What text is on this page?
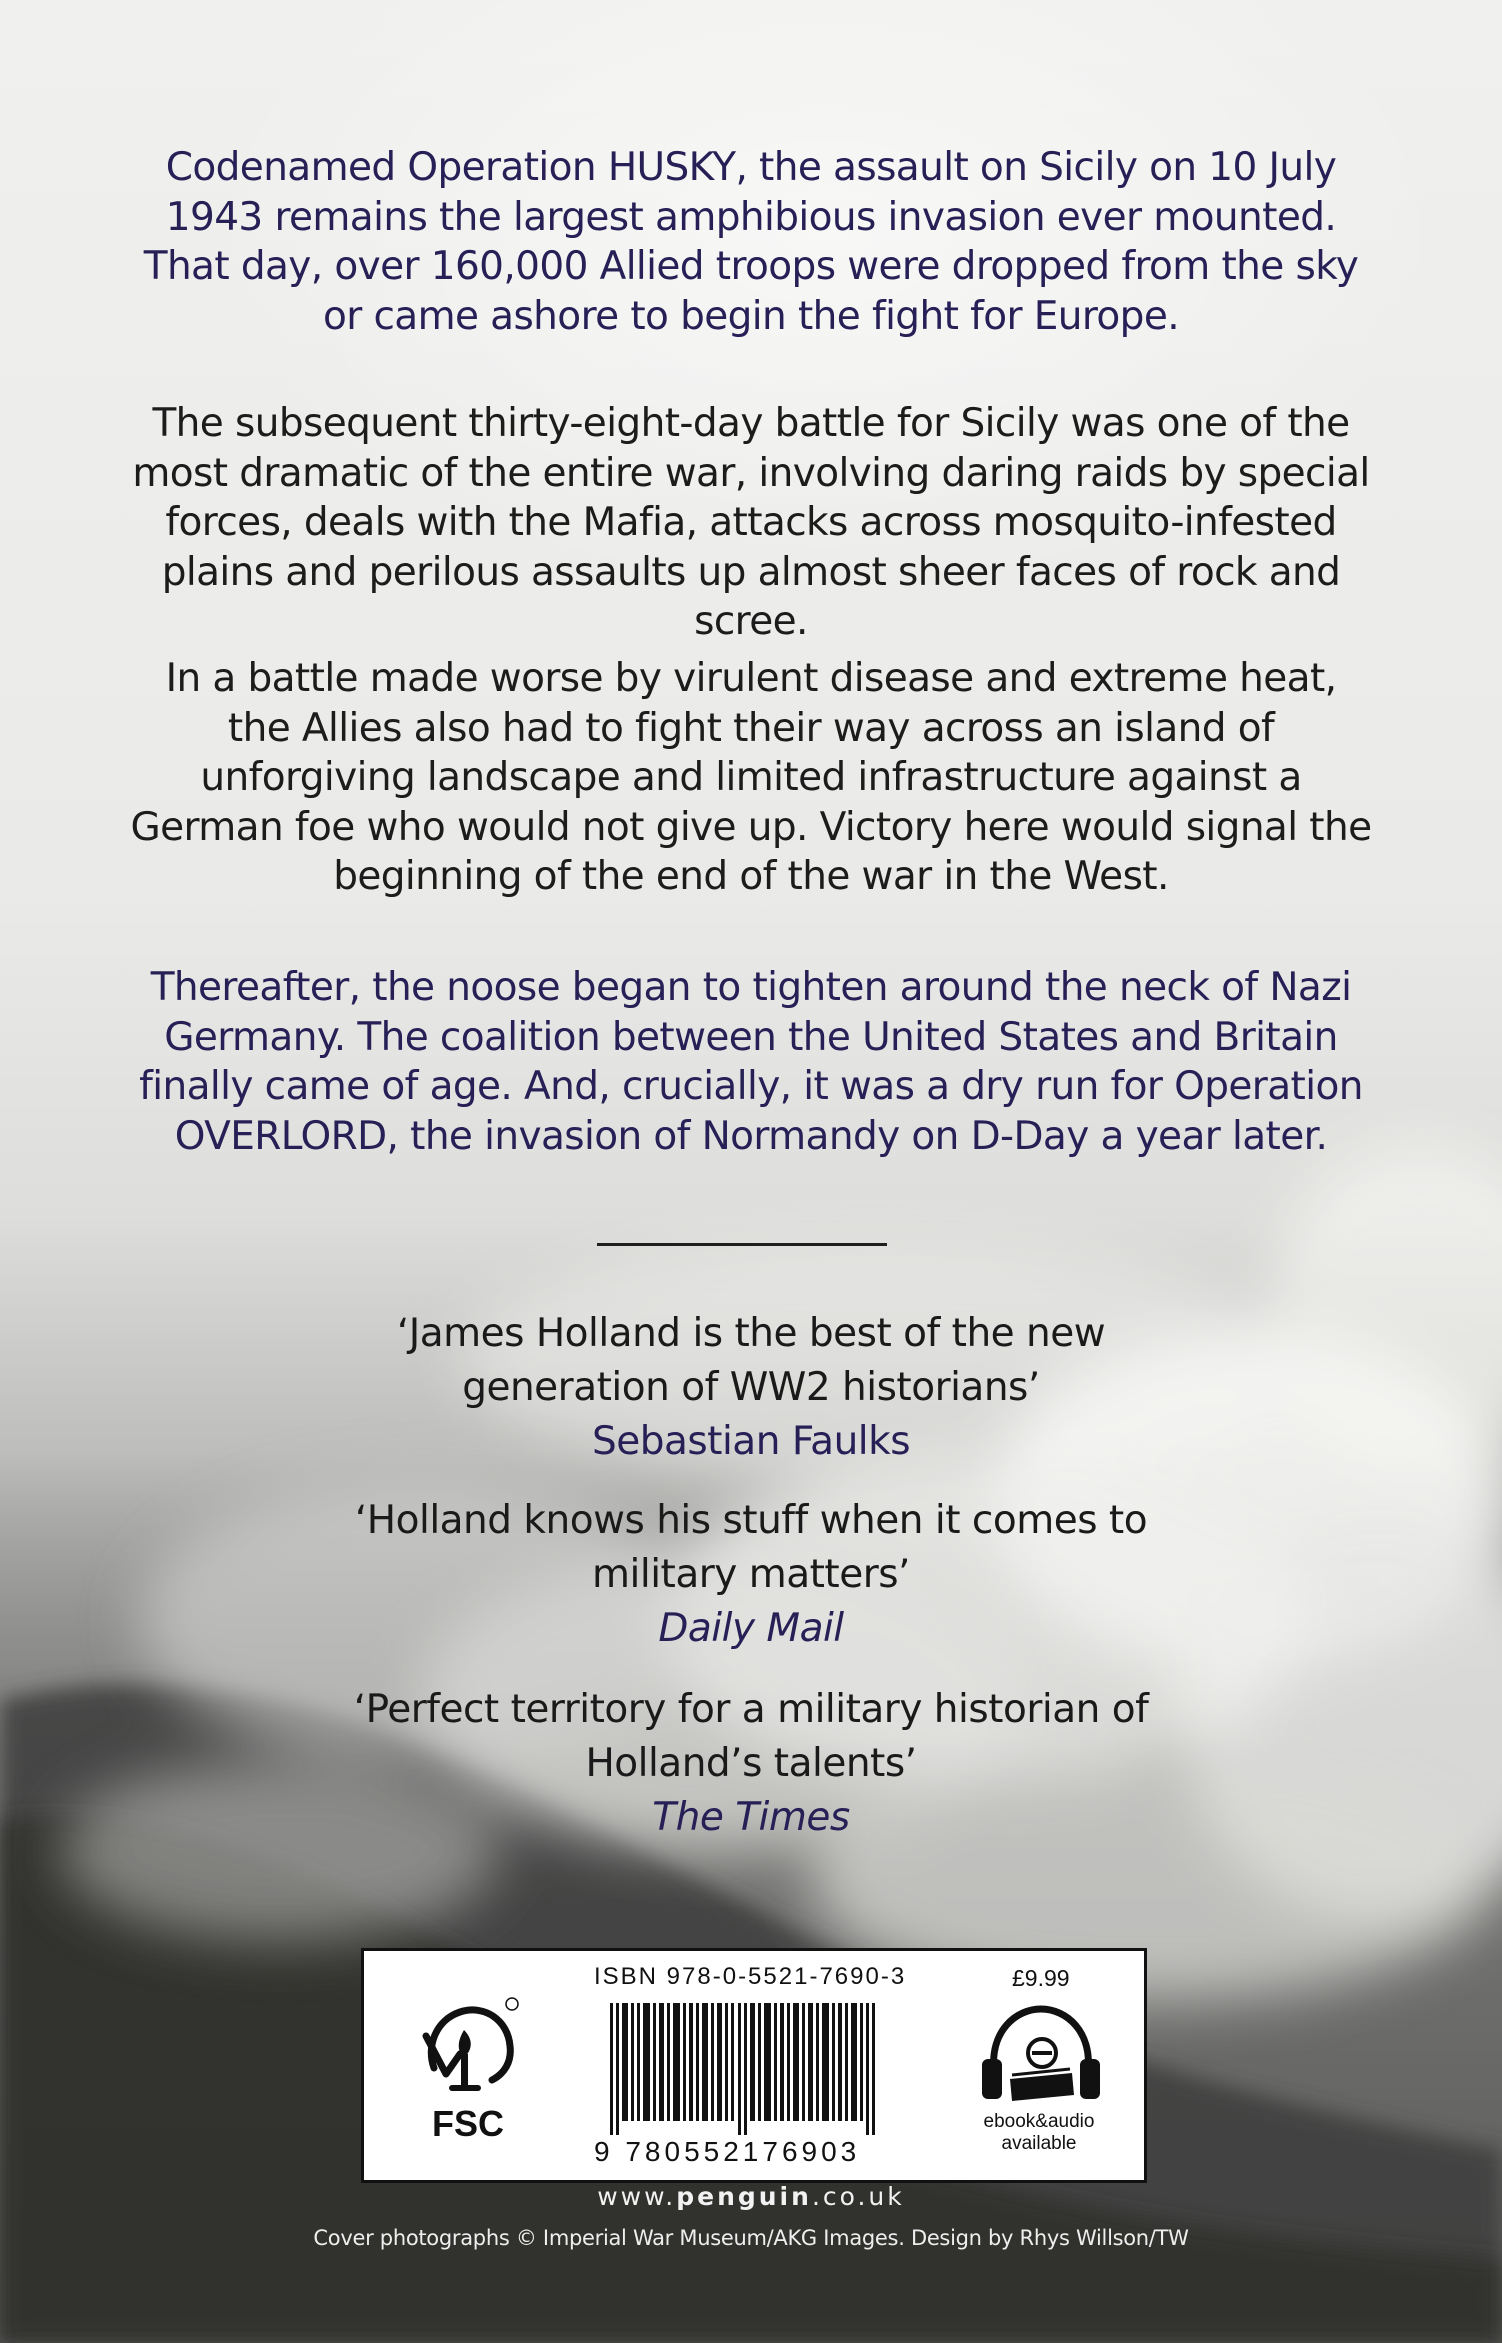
Codenamed Operation HUSKY, the assault on Sicily on 10 July 1943 remains the largest amphibious invasion ever mounted. That day, over 160,000 Allied troops were dropped from the sky or came ashore to begin the fight for Europe.

The subsequent thirty-eight-day battle for Sicily was one of the most dramatic of the entire war, involving daring raids by special forces, deals with the Mafia, attacks across mosquito-infested plains and perilous assaults up almost sheer faces of rock and scree.

In a battle made worse by virulent disease and extreme heat, the Allies also had to fight their way across an island of unforgiving landscape and limited infrastructure against a German foe who would not give up. Victory here would signal the beginning of the end of the war in the West.

Thereafter, the noose began to tighten around the neck of Nazi Germany. The coalition between the United States and Britain finally came of age. And, crucially, it was a dry run for Operation OVERLORD, the invasion of Normandy on D-Day a year later.

‘James Holland is the best of the new generation of WW2 historians’

Sebastian Faulks

‘Holland knows his stuff when it comes to military matters’

Daily Mail

‘Perfect territory for a military historian of Holland’s talents’

The Times

FSC

ISBN 978-0-5521-7690-3

9 780552176903

£9.99

ebook&audio
available

www.penguin.co.uk

Cover photographs © Imperial War Museum/AKG Images. Design by Rhys Willson/TW
